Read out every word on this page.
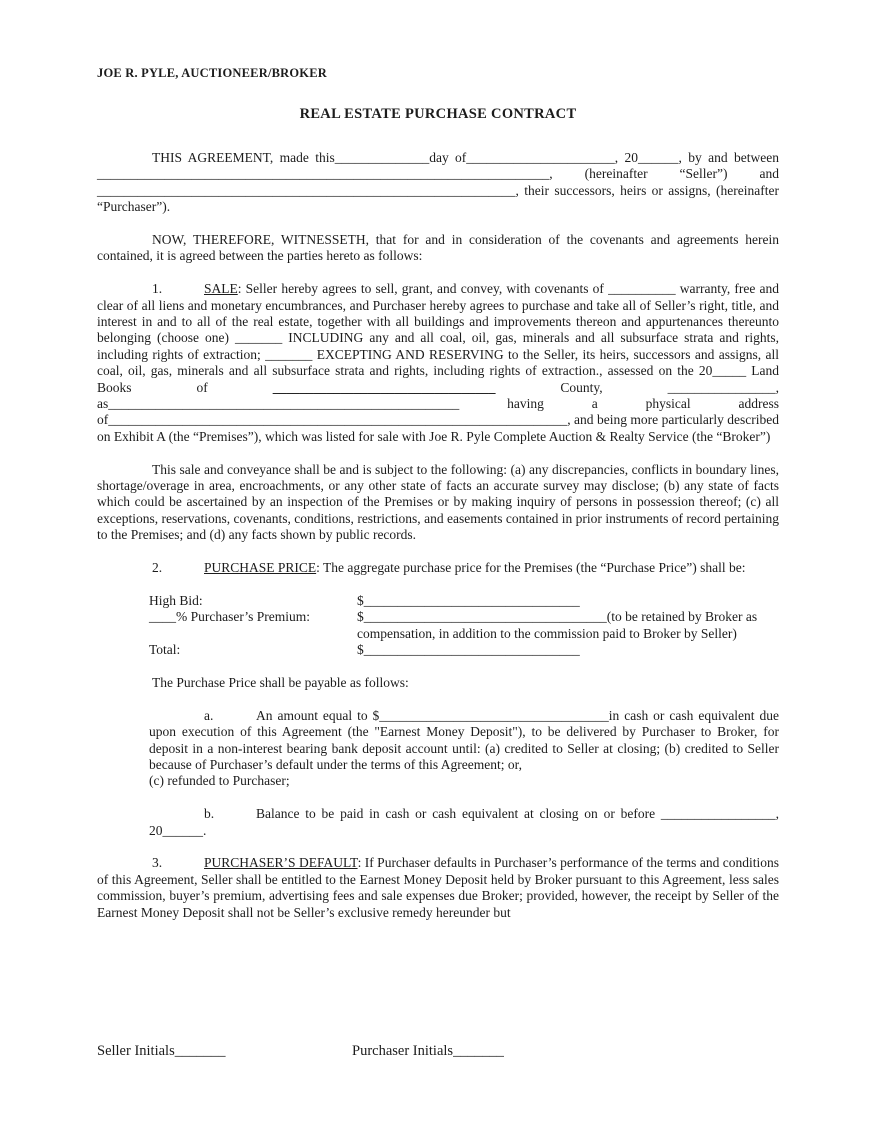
JOE R. PYLE, AUCTIONEER/BROKER
REAL ESTATE PURCHASE CONTRACT

THIS AGREEMENT, made this______________day of______________________, 20______, by and between ___________________________________________________________________, (hereinafter “Seller”) and ______________________________________________________________, their successors, heirs or assigns, (hereinafter “Purchaser”).

NOW, THEREFORE, WITNESSETH, that for and in consideration of the covenants and agreements herein contained, it is agreed between the parties hereto as follows:

1.	SALE: Seller hereby agrees to sell, grant, and convey, with covenants of __________ warranty, free and clear of all liens and monetary encumbrances, and Purchaser hereby agrees to purchase and take all of Seller’s right, title, and interest in and to all of the real estate, together with all buildings and improvements thereon and appurtenances thereunto belonging (choose one) _______ INCLUDING any and all coal, oil, gas, minerals and all subsurface strata and rights, including rights of extraction; _______ EXCEPTING AND RESERVING to the Seller, its heirs, successors and assigns, all coal, oil, gas, minerals and all subsurface strata and rights, including rights of extraction., assessed on the 20_____ Land Books of _________________________________ County, ________________, as____________________________________________________ having a physical address of____________________________________________________________________, and being more particularly described on Exhibit A (the “Premises”), which was listed for sale with Joe R. Pyle Complete Auction & Realty Service (the “Broker”)

This sale and conveyance shall be and is subject to the following: (a) any discrepancies, conflicts in boundary lines, shortage/overage in area, encroachments, or any other state of facts an accurate survey may disclose; (b) any state of facts which could be ascertained by an inspection of the Premises or by making inquiry of persons in possession thereof; (c) all exceptions, reservations, covenants, conditions, restrictions, and easements contained in prior instruments of record pertaining to the Premises; and (d) any facts shown by public records.

2.	PURCHASE PRICE: The aggregate purchase price for the Premises (the “Purchase Price”) shall be:

High Bid:	$________________________________
____% Purchaser’s Premium:	$____________________________________(to be retained by Broker as compensation, in addition to the commission paid to Broker by Seller)
Total:	$________________________________

The Purchase Price shall be payable as follows:

a.	An amount equal to $__________________________________in cash or cash equivalent due upon execution of this Agreement (the "Earnest Money Deposit"), to be delivered by Purchaser to Broker, for deposit in a non-interest bearing bank deposit account until: (a) credited to Seller at closing; (b) credited to Seller because of Purchaser’s default under the terms of this Agreement; or,
(c) refunded to Purchaser;

b.	Balance to be paid in cash or cash equivalent at closing on or before _________________, 20______.

3.	PURCHASER’S DEFAULT: If Purchaser defaults in Purchaser’s performance of the terms and conditions of this Agreement, Seller shall be entitled to the Earnest Money Deposit held by Broker pursuant to this Agreement, less sales commission, buyer’s premium, advertising fees and sale expenses due Broker; provided, however, the receipt by Seller of the Earnest Money Deposit shall not be Seller’s exclusive remedy hereunder but

Seller Initials_______	Purchaser Initials_______
